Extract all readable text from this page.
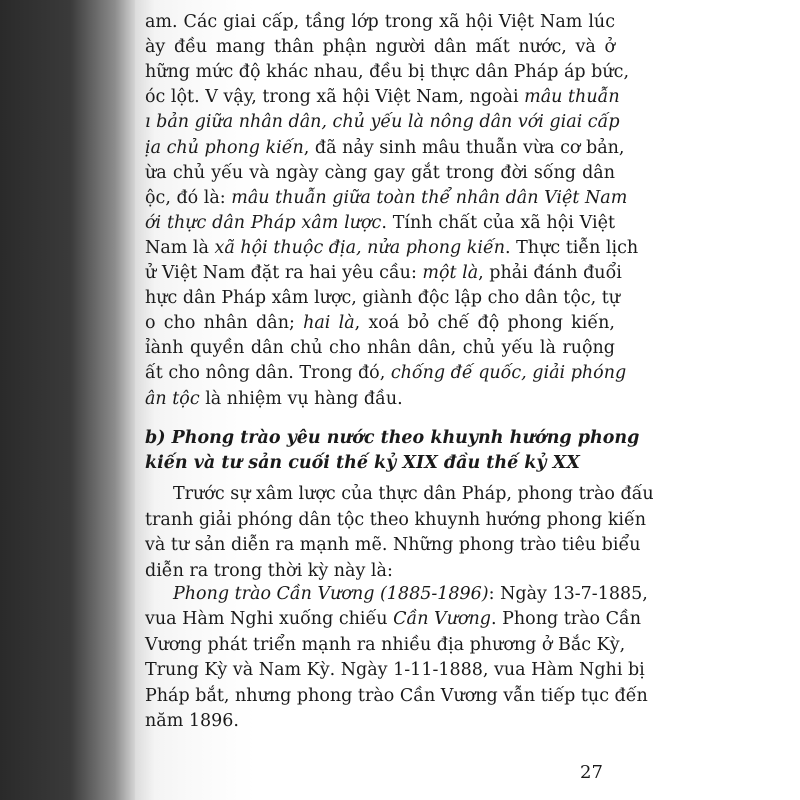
am. Các giai cấp, tầng lớp trong xã hội Việt Nam lúc
ày đều mang thân phận người dân mất nước, và ở
hững mức độ khác nhau, đều bị thực dân Pháp áp bức,
óc lột. V vậy, trong xã hội Việt Nam, ngoài mâu thuẫn
ı bản giữa nhân dân, chủ yếu là nông dân với giai cấp
ịa chủ phong kiến, đã nảy sinh mâu thuẫn vừa cơ bản,
ừa chủ yếu và ngày càng gay gắt trong đời sống dân
ộc, đó là: mâu thuẫn giữa toàn thể nhân dân Việt Nam
ới thực dân Pháp xâm lược. Tính chất của xã hội Việt
Nam là xã hội thuộc địa, nửa phong kiến. Thực tiễn lịch
ử Việt Nam đặt ra hai yêu cầu: một là, phải đánh đuổi
hực dân Pháp xâm lược, giành độc lập cho dân tộc, tự
o cho nhân dân; hai là, xoá bỏ chế độ phong kiến,
ỉành quyền dân chủ cho nhân dân, chủ yếu là ruộng
ất cho nông dân. Trong đó, chống đế quốc, giải phóng
ân tộc là nhiệm vụ hàng đầu.
b) Phong trào yêu nước theo khuynh hướng phong
kiến và tư sản cuối thế kỷ XIX đầu thế kỷ XX
Trước sự xâm lược của thực dân Pháp, phong trào đấu
tranh giải phóng dân tộc theo khuynh hướng phong kiến
và tư sản diễn ra mạnh mẽ. Những phong trào tiêu biểu
diễn ra trong thời kỳ này là:
Phong trào Cần Vương (1885-1896): Ngày 13-7-1885,
vua Hàm Nghi xuống chiếu Cần Vương. Phong trào Cần
Vương phát triển mạnh ra nhiều địa phương ở Bắc Kỳ,
Trung Kỳ và Nam Kỳ. Ngày 1-11-1888, vua Hàm Nghi bị
Pháp bắt, nhưng phong trào Cần Vương vẫn tiếp tục đến
năm 1896.
27
